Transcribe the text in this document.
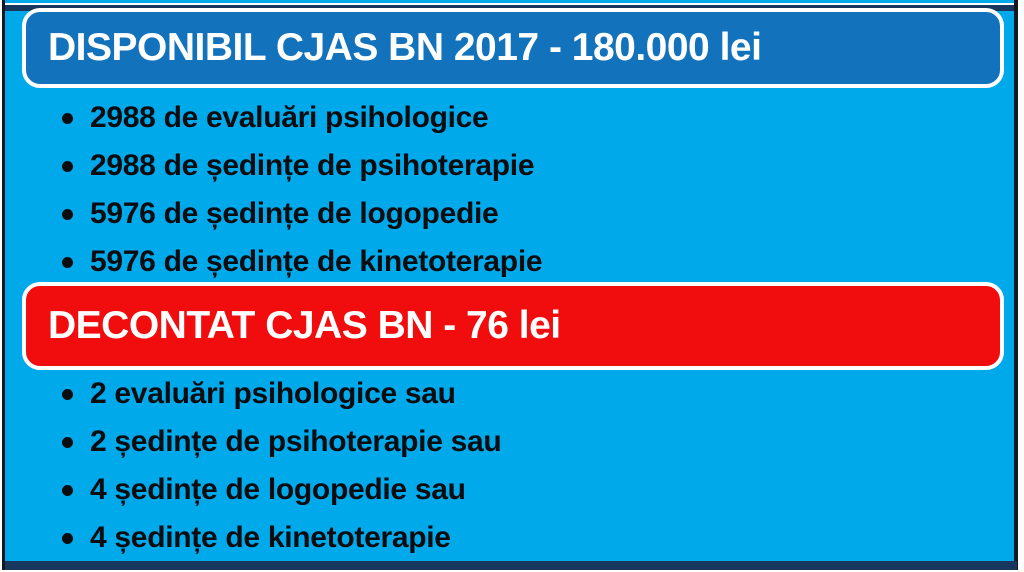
DISPONIBIL CJAS BN 2017 - 180.000 lei
2988 de evaluări psihologice
2988 de ședințe de psihoterapie
5976 de ședințe de logopedie
5976 de ședințe de kinetoterapie
DECONTAT CJAS BN - 76 lei
2 evaluări psihologice sau
2 ședințe de psihoterapie sau
4 ședințe de logopedie sau
4 ședințe de kinetoterapie
